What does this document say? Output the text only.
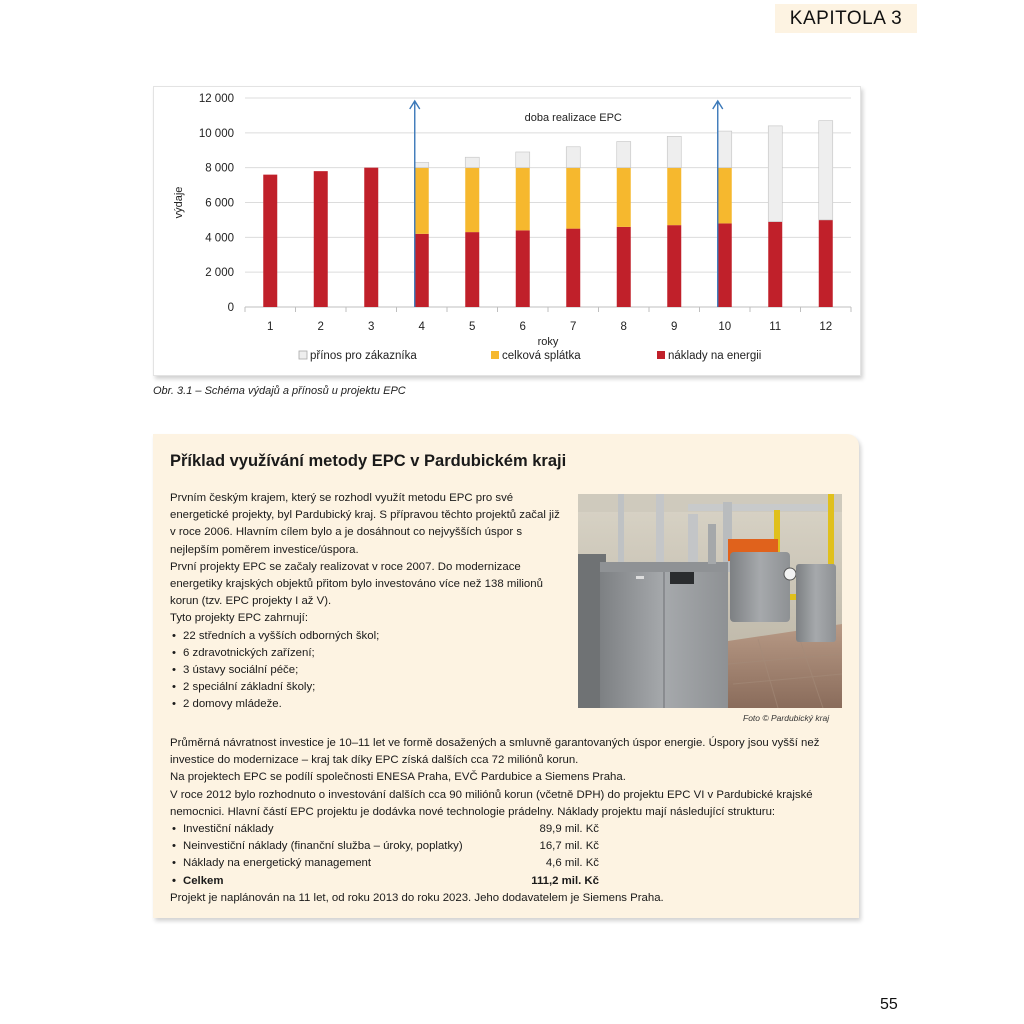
KAPITOLA 3
0
2 000
4 000
6 000
8 000
10 000
12 000
1	2	3	4	5	6	7	8	9	10	11	12
roky
výdaje
doba realizace EPC
přínos pro zákazníka	celková splátka	náklady na energii
Obr. 3.1 – Schéma výdajů a přínosů u projektu EPC
Příklad využívání metody EPC v Pardubickém kraji

Prvním českým krajem, který se rozhodl využít metodu EPC pro své energetické projekty, byl Pardubický kraj. S přípravou těchto projektů začal již v roce 2006. Hlavním cílem bylo a je dosáhnout co nejvyšších úspor s nejlepším poměrem investice/úspora.

První projekty EPC se začaly realizovat v roce 2007. Do modernizace energetiky krajských objektů přitom bylo investováno více než 138 milionů korun (tzv. EPC projekty I až V).

Tyto projekty EPC zahrnují:

• 22 středních a vyšších odborných škol;
• 6 zdravotnických zařízení;
• 3 ústavy sociální péče;
• 2 speciální základní školy;
• 2 domovy mládeže.
Foto © Pardubický kraj

Průměrná návratnost investice je 10–11 let ve formě dosažených a smluvně garantovaných úspor energie. Úspory jsou vyšší než investice do modernizace – kraj tak díky EPC získá dalších cca 72 miliónů korun.

Na projektech EPC se podílí společnosti ENESA Praha, EVČ Pardubice a Siemens Praha.

V roce 2012 bylo rozhodnuto o investování dalších cca 90 miliónů korun (včetně DPH) do projektu EPC VI v Pardubické krajské nemocnici. Hlavní částí EPC projektu je dodávka nové technologie prádelny. Náklady projektu mají následující strukturu:

• Investiční náklady	89,9 mil. Kč
• Neinvestiční náklady (finanční služba – úroky, poplatky)	16,7 mil. Kč
• Náklady na energetický management	4,6 mil. Kč
• Celkem	111,2 mil. Kč

Projekt je naplánován na 11 let, od roku 2013 do roku 2023. Jeho dodavatelem je Siemens Praha.

55
